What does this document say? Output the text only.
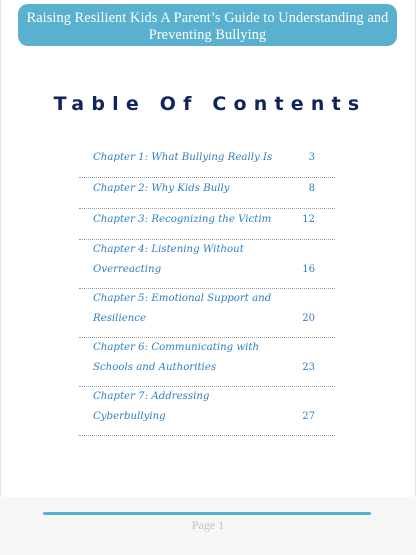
Raising Resilient Kids A Parent’s Guide to Understanding and
Preventing Bullying
Table Of Contents
Chapter 1: What Bullying Really Is	3
Chapter 2: Why Kids Bully	8
Chapter 3: Recognizing the Victim	12
Chapter 4: Listening Without
Overreacting	16
Chapter 5: Emotional Support and
Resilience	20
Chapter 6: Communicating with
Schools and Authorities	23
Chapter 7: Addressing
Cyberbullying	27
Page 1
